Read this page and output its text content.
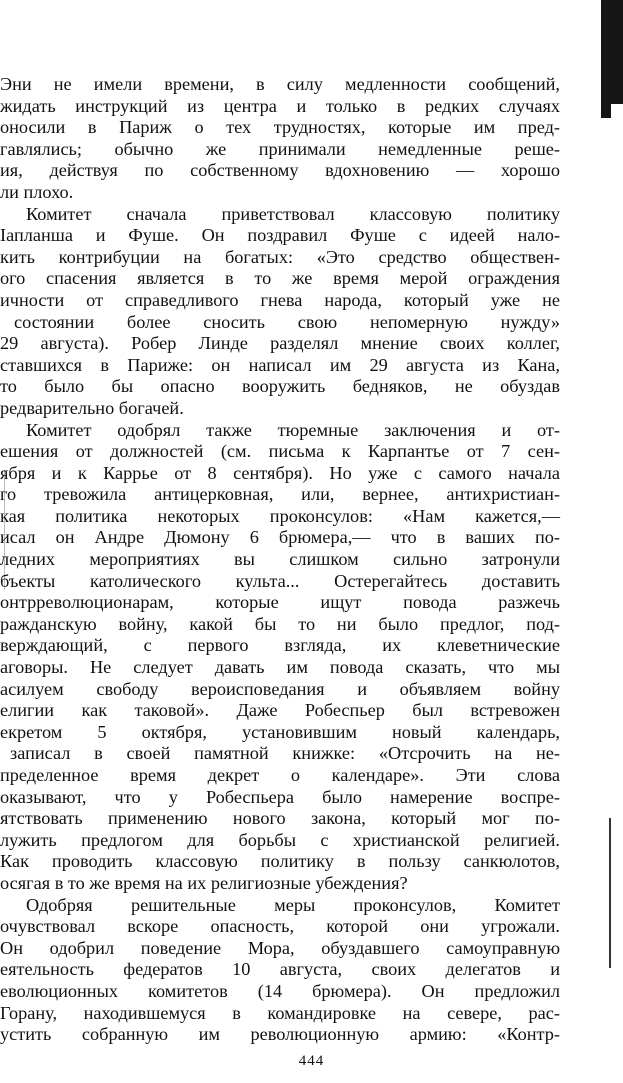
Эни не имели времени, в силу медленности сообщений,
жидать инструкций из центра и только в редких случаях
оносили в Париж о тех трудностях, которые им пред-
гавлялись; обычно же принимали немедленные реше-
ия, действуя по собственному вдохновению — хорошо
ли плохо.
Комитет сначала приветствовал классовую политику
Iапланша и Фуше. Он поздравил Фуше с идеей нало-
кить контрибуции на богатых: «Это средство обществен-
ого спасения является в то же время мерой ограждения
ичности от справедливого гнева народа, который уже не
состоянии более сносить свою непомерную нужду»
29 августа). Робер Линде разделял мнение своих коллег,
ставшихся в Париже: он написал им 29 августа из Кана,
то было бы опасно вооружить бедняков, не обуздав
редварительно богачей.
Комитет одобрял также тюремные заключения и от-
ешения от должностей (см. письма к Карпантье от 7 сен-
ября и к Каррье от 8 сентября). Но уже с самого начала
го тревожила антицерковная, или, вернее, антихристиан-
кая политика некоторых проконсулов: «Нам кажется,—
исал он Андре Дюмону 6 брюмера,— что в ваших по-
ледних мероприятиях вы слишком сильно затронули
бъекты католического культа... Остерегайтесь доставить
онтрреволюционарам, которые ищут повода разжечь
ражданскую войну, какой бы то ни было предлог, под-
верждающий, с первого взгляда, их клеветнические
аговоры. Не следует давать им повода сказать, что мы
асилуем свободу вероисповедания и объявляем войну
елигии как таковой». Даже Робеспьер был встревожен
екретом 5 октября, установившим новый календарь,
записал в своей памятной книжке: «Отсрочить на не-
пределенное время декрет о календаре». Эти слова
оказывают, что у Робеспьера было намерение воспре-
ятствовать применению нового закона, который мог по-
лужить предлогом для борьбы с христианской религией.
Как проводить классовую политику в пользу санкюлотов,
осягая в то же время на их религиозные убеждения?
Одобряя решительные меры проконсулов, Комитет
очувствовал вскоре опасность, которой они угрожали.
Он одобрил поведение Мора, обуздавшего самоуправную
еятельность федератов 10 августа, своих делегатов и
еволюционных комитетов (14 брюмера). Он предложил
Горану, находившемуся в командировке на севере, рас-
устить собранную им революционную армию: «Контр-
444
